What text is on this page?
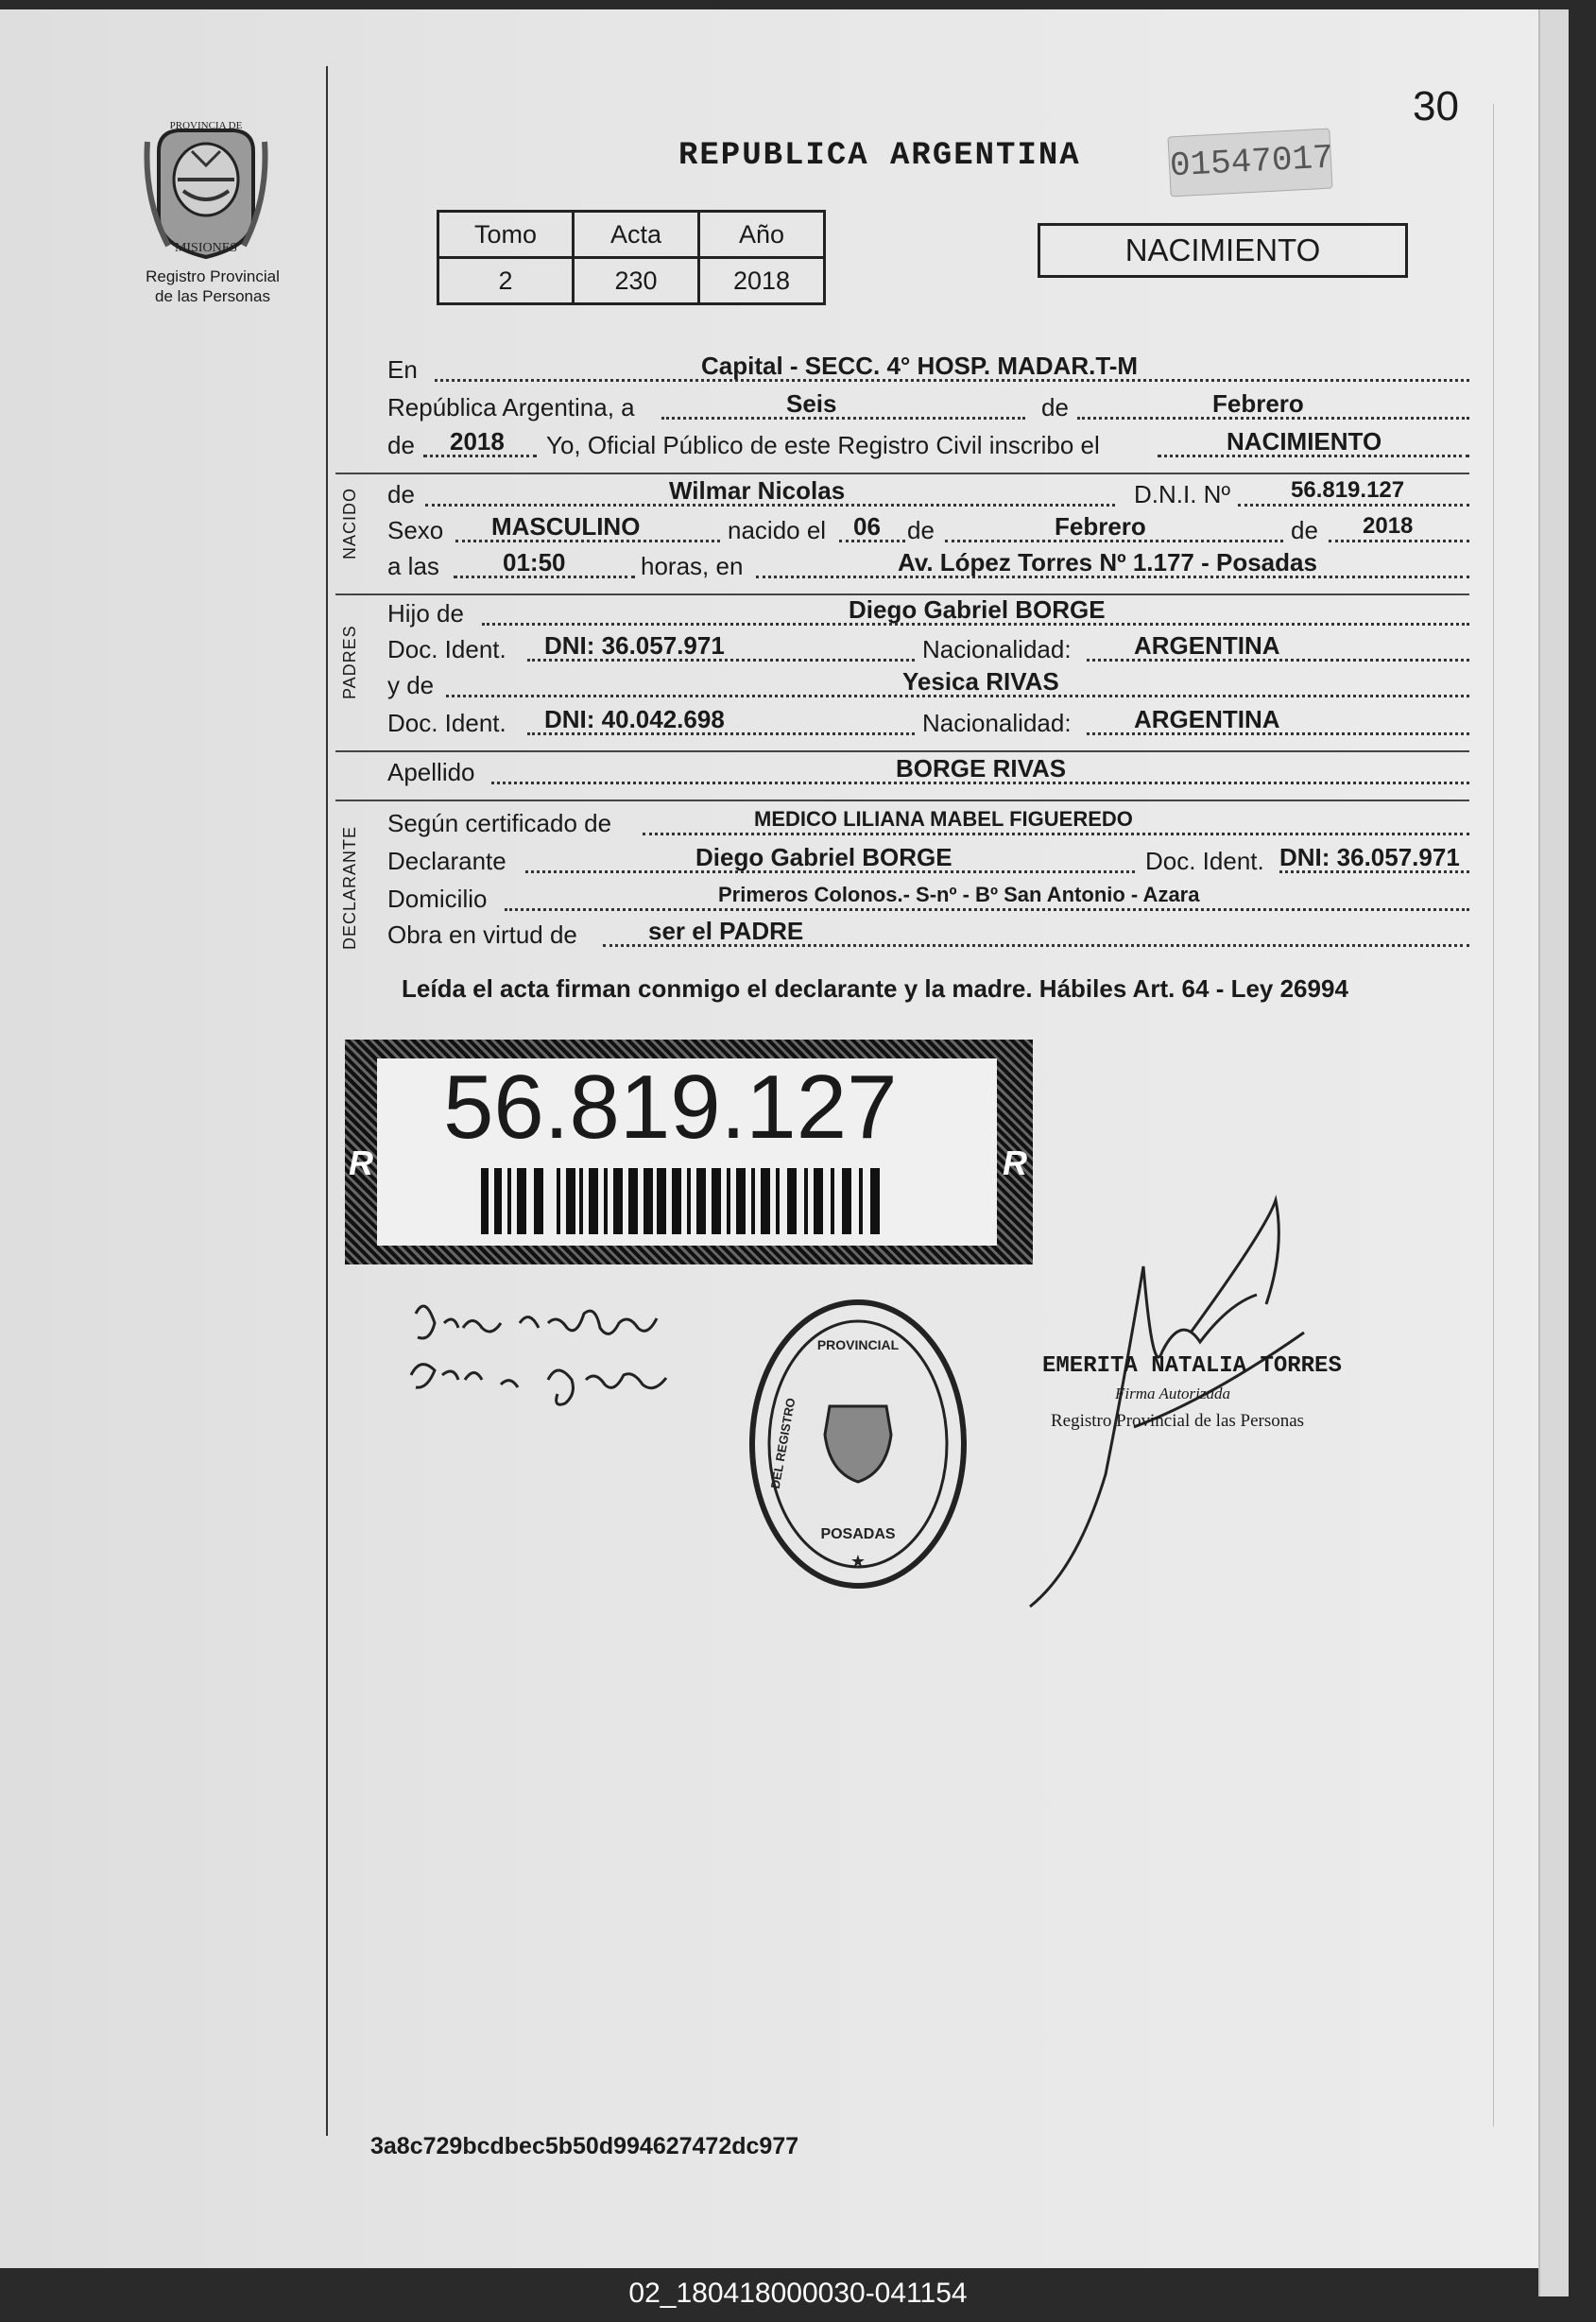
30
PROVINCIA DE
MISIONES
Registro Provincial
de las Personas
REPUBLICA ARGENTINA	01547017
Tomo	Acta	Año
2	230	2018
NACIMIENTO
En	Capital - SECC. 4° HOSP. MADAR.T-M
República Argentina, a	Seis	de	Febrero
de 2018 Yo, Oficial Público de este Registro Civil inscribo el	NACIMIENTO
NACIDO de	Wilmar Nicolas	D.N.I. Nº	56.819.127
Sexo MASCULINO	nacido el 06 de	Febrero	de 2018
a las	01:50	horas, en	Av. López Torres Nº 1.177 - Posadas
PADRES
Hijo de	Diego Gabriel BORGE
Doc. Ident. DNI: 36.057.971	Nacionalidad:	ARGENTINA
y de	Yesica RIVAS
Doc. Ident. DNI: 40.042.698	Nacionalidad:	ARGENTINA
Apellido	BORGE RIVAS
DECLARANTE
Según certificado de	MEDICO LILIANA MABEL FIGUEREDO
Declarante	Diego Gabriel BORGE	Doc. Ident. DNI: 36.057.971
Domicilio	Primeros Colonos.- S-nº - Bº San Antonio - Azara
Obra en virtud de	ser el PADRE
Leída el acta firman conmigo el declarante y la madre. Hábiles Art. 64 - Ley 26994
R	R
56.819.127
PROVINCIAL
DEL REGISTRO
POSADAS
★
EMERITA NATALIA TORRES
Firma Autorizada
Registro Provincial de las Personas
3a8c729bcdbec5b50d994627472dc977
02_180418000030-041154
